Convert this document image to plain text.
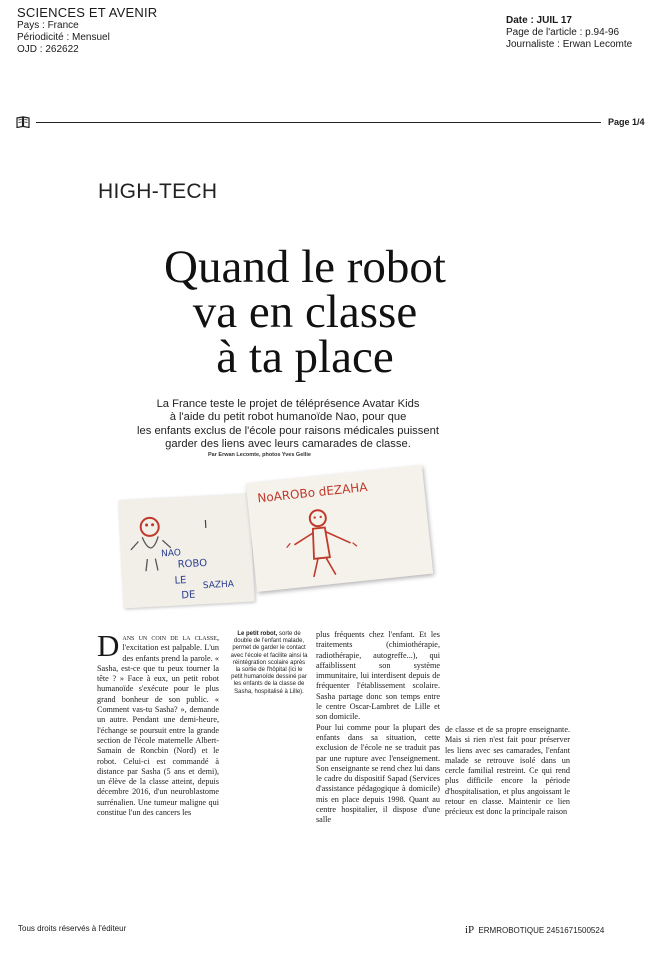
SCIENCES ET AVENIR
Pays : France
Périodicité : Mensuel
OJD : 262622
Date : JUIL 17
Page de l'article : p.94-96
Journaliste : Erwan Lecomte
Page 1/4
HIGH-TECH
Quand le robot
va en classe
à ta place
La France teste le projet de téléprésence Avatar Kids
à l'aide du petit robot humanoïde Nao, pour que
les enfants exclus de l'école pour raisons médicales puissent
garder des liens avec leurs camarades de classe.
Par Erwan Lecomte, photos Yves Gellie
NAO
ROBO
LE
DE
SAZHA
NoAROBo dEZAHA

Dans un coin de la classe, l'excitation est palpable. L'un des enfants prend la parole. « Sasha, est-ce que tu peux tourner la tête ? » Face à eux, un petit robot humanoïde s'exécute pour le plus grand bonheur de son public. « Comment vas-tu Sasha? », demande un autre. Pendant une demi-heure, l'échange se poursuit entre la grande section de l'école maternelle Albert-Samain de Roncbin (Nord) et le robot. Celui-ci est commandé à distance par Sasha (5 ans et demi), un élève de la classe atteint, depuis décembre 2016, d'un neuroblastome surrénalien. Une tumeur maligne qui constitue l'un des cancers les

Le petit robot, sorte de double de l'enfant malade, permet de garder le contact avec l'école et facilite ainsi la réintégration scolaire après la sortie de l'hôpital (ici le petit humanoïde dessiné par les enfants de la classe de Sasha, hospitalisé à Lille).

plus fréquents chez l'enfant. Et les traitements (chimiothérapie, radiothérapie, autogreffe...), qui affaiblissent son système immunitaire, lui interdisent depuis de fréquenter l'établissement scolaire. Sasha partage donc son temps entre le centre Oscar-Lambret de Lille et son domicile.

Pour lui comme pour la plupart des enfants dans sa situation, cette exclusion de l'école ne se traduit pas par une rupture avec l'enseignement. Son enseignante se rend chez lui dans le cadre du dispositif Sapad (Services d'assistance pédagogique à domicile) mis en place depuis 1998. Quant au centre hospitalier, il dispose d'une salle

de classe et de sa propre enseignante. Mais si rien n'est fait pour préserver les liens avec ses camarades, l'enfant malade se retrouve isolé dans un cercle familial restreint. Ce qui rend plus difficile encore la période d'hospitalisation, et plus angoissant le retour en classe. Maintenir ce lien précieux est donc la principale raison

Tous droits réservés à l'éditeur	iP ERMROBOTIQUE 2451671500524
